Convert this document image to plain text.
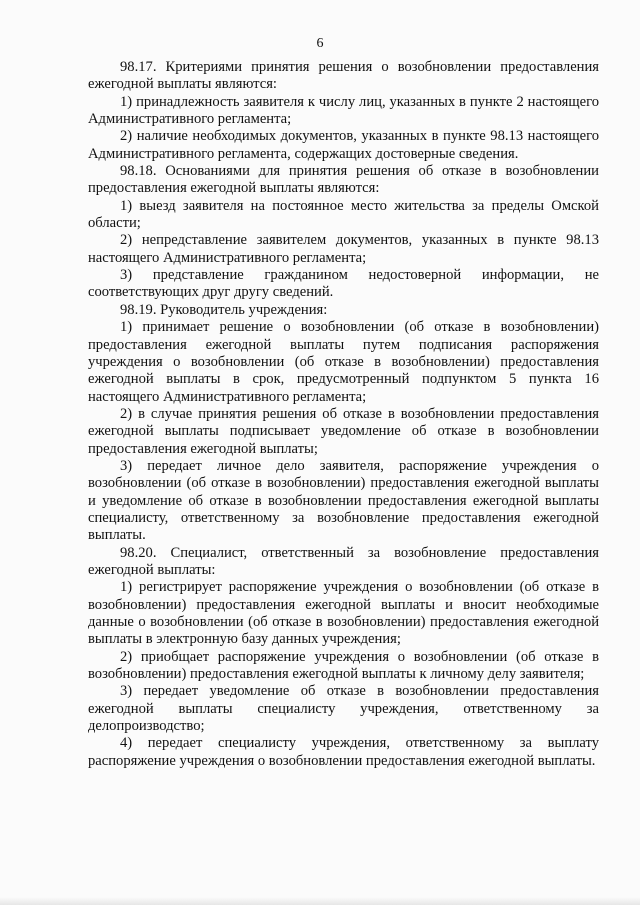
6

98.17. Критериями принятия решения о возобновлении предоставления ежегодной выплаты являются:

1) принадлежность заявителя к числу лиц, указанных в пункте 2 настоящего Административного регламента;

2) наличие необходимых документов, указанных в пункте 98.13 настоящего Административного регламента, содержащих достоверные сведения.

98.18. Основаниями для принятия решения об отказе в возобновлении предоставления ежегодной выплаты являются:

1) выезд заявителя на постоянное место жительства за пределы Омской области;

2) непредставление заявителем документов, указанных в пункте 98.13 настоящего Административного регламента;

3) представление гражданином недостоверной информации, не соответствующих друг другу сведений.

98.19. Руководитель учреждения:

1) принимает решение о возобновлении (об отказе в возобновлении) предоставления ежегодной выплаты путем подписания распоряжения учреждения о возобновлении (об отказе в возобновлении) предоставления ежегодной выплаты в срок, предусмотренный подпунктом 5 пункта 16 настоящего Административного регламента;

2) в случае принятия решения об отказе в возобновлении предоставления ежегодной выплаты подписывает уведомление об отказе в возобновлении предоставления ежегодной выплаты;

3) передает личное дело заявителя, распоряжение учреждения о возобновлении (об отказе в возобновлении) предоставления ежегодной выплаты и уведомление об отказе в возобновлении предоставления ежегодной выплаты специалисту, ответственному за возобновление предоставления ежегодной выплаты.

98.20. Специалист, ответственный за возобновление предоставления ежегодной выплаты:

1) регистрирует распоряжение учреждения о возобновлении (об отказе в возобновлении) предоставления ежегодной выплаты и вносит необходимые данные о возобновлении (об отказе в возобновлении) предоставления ежегодной выплаты в электронную базу данных учреждения;

2) приобщает распоряжение учреждения о возобновлении (об отказе в возобновлении) предоставления ежегодной выплаты к личному делу заявителя;

3) передает уведомление об отказе в возобновлении предоставления ежегодной выплаты специалисту учреждения, ответственному за делопроизводство;

4) передает специалисту учреждения, ответственному за выплату распоряжение учреждения о возобновлении предоставления ежегодной выплаты.
